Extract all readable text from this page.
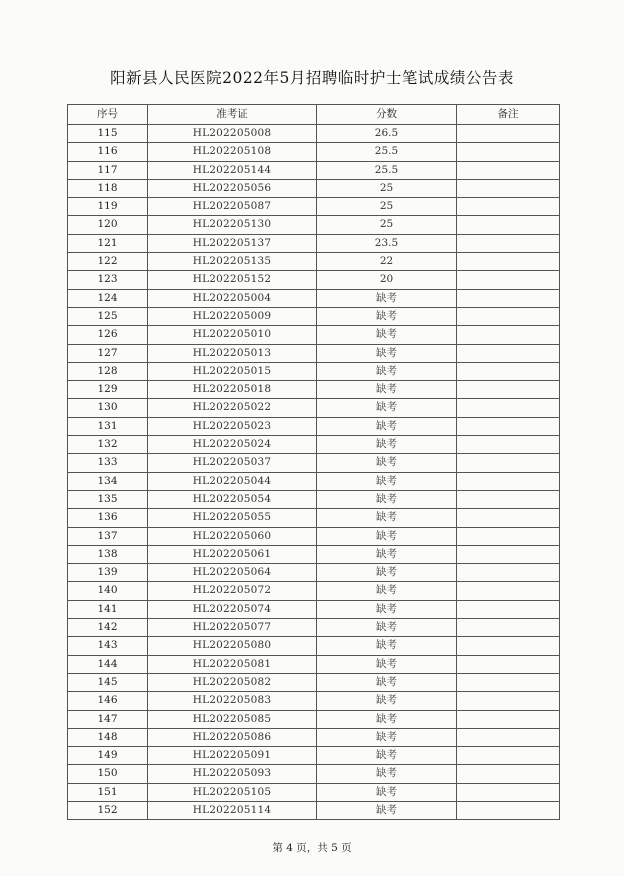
阳新县人民医院2022年5月招聘临时护士笔试成绩公告表
序号	准考证	分数	备注
115	HL202205008	26.5	
116	HL202205108	25.5	
117	HL202205144	25.5	
118	HL202205056	25	
119	HL202205087	25	
120	HL202205130	25	
121	HL202205137	23.5	
122	HL202205135	22	
123	HL202205152	20	
124	HL202205004	缺考	
125	HL202205009	缺考	
126	HL202205010	缺考	
127	HL202205013	缺考	
128	HL202205015	缺考	
129	HL202205018	缺考	
130	HL202205022	缺考	
131	HL202205023	缺考	
132	HL202205024	缺考	
133	HL202205037	缺考	
134	HL202205044	缺考	
135	HL202205054	缺考	
136	HL202205055	缺考	
137	HL202205060	缺考	
138	HL202205061	缺考	
139	HL202205064	缺考	
140	HL202205072	缺考	
141	HL202205074	缺考	
142	HL202205077	缺考	
143	HL202205080	缺考	
144	HL202205081	缺考	
145	HL202205082	缺考	
146	HL202205083	缺考	
147	HL202205085	缺考	
148	HL202205086	缺考	
149	HL202205091	缺考	
150	HL202205093	缺考	
151	HL202205105	缺考	
152	HL202205114	缺考	
第 4 页，共 5 页
